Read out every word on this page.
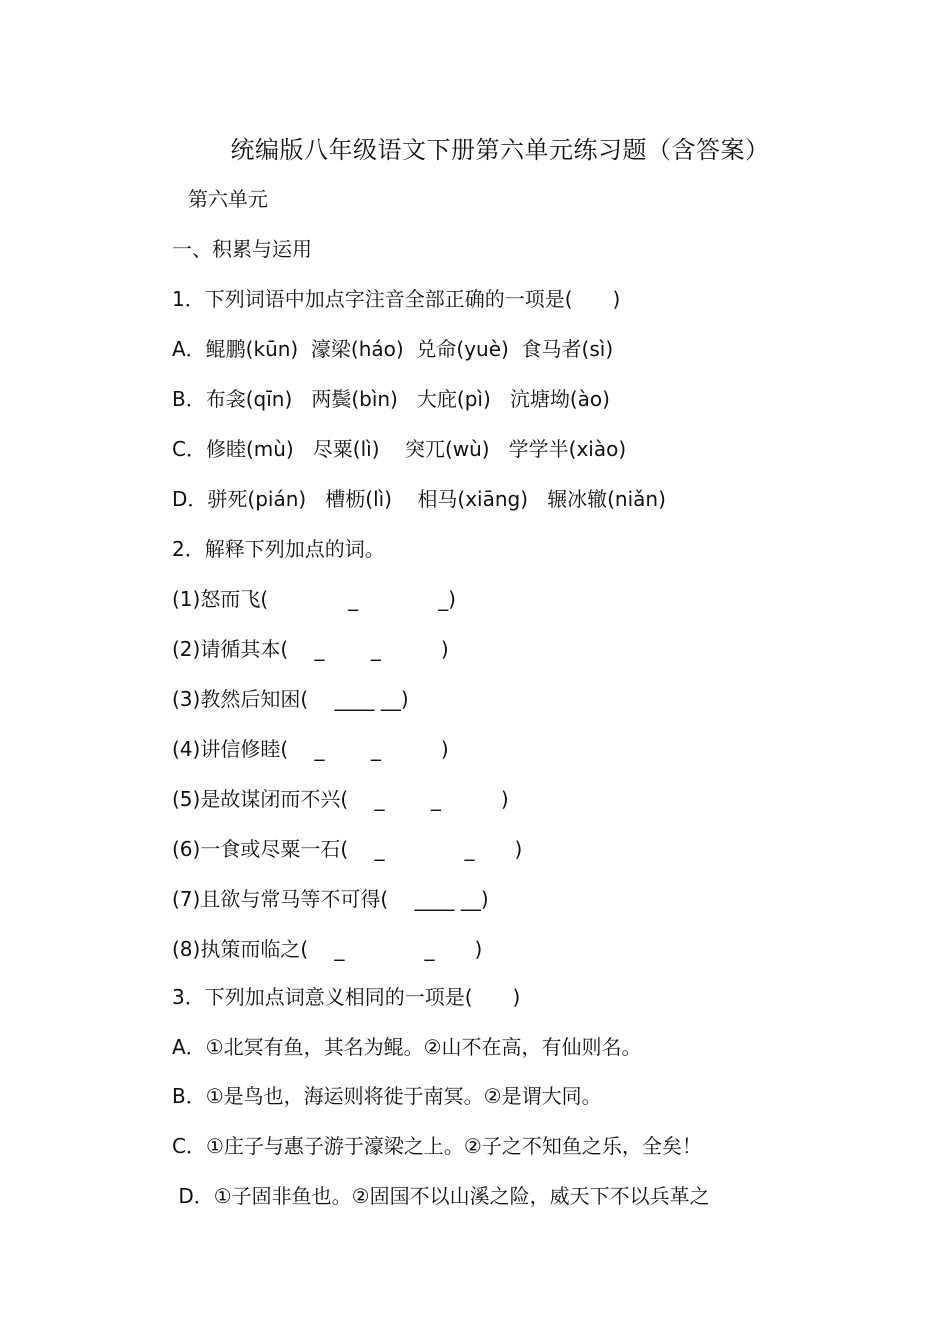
统编版八年级语文下册第六单元练习题（含答案）
第六单元
一、积累与运用
1．下列词语中加点字注音全部正确的一项是(　　)
A．鲲鹏(kūn)  濠梁(háo)  兑命(yuè)  食马者(sì)
B．布衾(qīn)   两鬓(bìn)   大庇(pì)   沆塘坳(ào)
C．修睦(mù)   尽粟(lì)    突兀(wù)   学学半(xiào)
D．骈死(pián)   槽枥(lì)    相马(xiāng)   辗冰辙(niǎn)
2．解释下列加点的词。
(1)怒而飞(　　　　_　　　　_)
(2)请循其本(　 _　　 _　　　)
(3)教然后知困(　 ____ __)
(4)讲信修睦(　 _　　 _　　　)
(5)是故谋闭而不兴(　 _　　 _　　　)
(6)一食或尽粟一石(　 _　　　　_　　)
(7)且欲与常马等不可得(　 ____ __)
(8)执策而临之(　 _　　　　_　　)
3．下列加点词意义相同的一项是(　　)
A．①北冥有鱼，其名为鲲。②山不在高，有仙则名。
B．①是鸟也，海运则将徙于南冥。②是谓大同。
C．①庄子与惠子游于濠梁之上。②子之不知鱼之乐，全矣！
D．①子固非鱼也。②固国不以山溪之险，威天下不以兵革之
